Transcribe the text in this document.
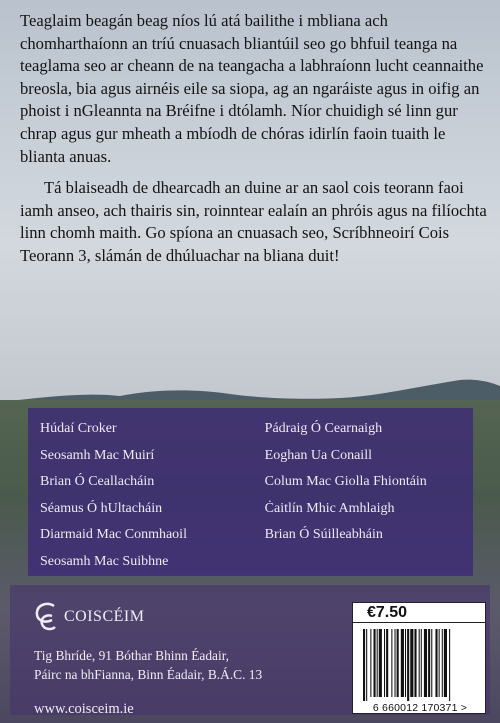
Teaglaim beagán beag níos lú atá bailithe i mbliana ach chomharthaíonn an tríú cnuasach bliantúil seo go bhfuil teanga na teaglama seo ar cheann de na teangacha a labhraíonn lucht ceannaithe breosla, bia agus airnéis eile sa siopa, ag an ngaráiste agus in oifig an phoist i nGleannta na Bréifne i dtólamh. Níor chuidigh sé linn gur chrap agus gur mheath a mbíodh de chóras idirlín faoin tuaith le blianta anuas.

Tá blaiseadh de dhearcadh an duine ar an saol cois teorann faoi iamh anseo, ach thairis sin, roinntear ealaín an phróis agus na filíochta linn chomh maith. Go spíona an cnuasach seo, Scríbhneoirí Cois Teorann 3, slámán de dhúluachar na bliana duit!

Húdaí Croker
Seosamh Mac Muirí
Brian Ó Ceallacháin
Séamus Ó hUltacháin
Diarmaid Mac Conmhaoil
Seosamh Mac Suibhne
Pádraig Ó Cearnaigh
Eoghan Ua Conaill
Colum Mac Giolla Fhiontáin
Ċaitlín Mhic Amhlaigh
Brian Ó Súilleabháin
COISCÉIM
Tig Bhríde, 91 Bóthar Bhinn Éadair,
Páirc na bhFianna, Binn Éadair, B.Á.C. 13
www.coisceim.ie
€7.50
6 660012 170371 >
